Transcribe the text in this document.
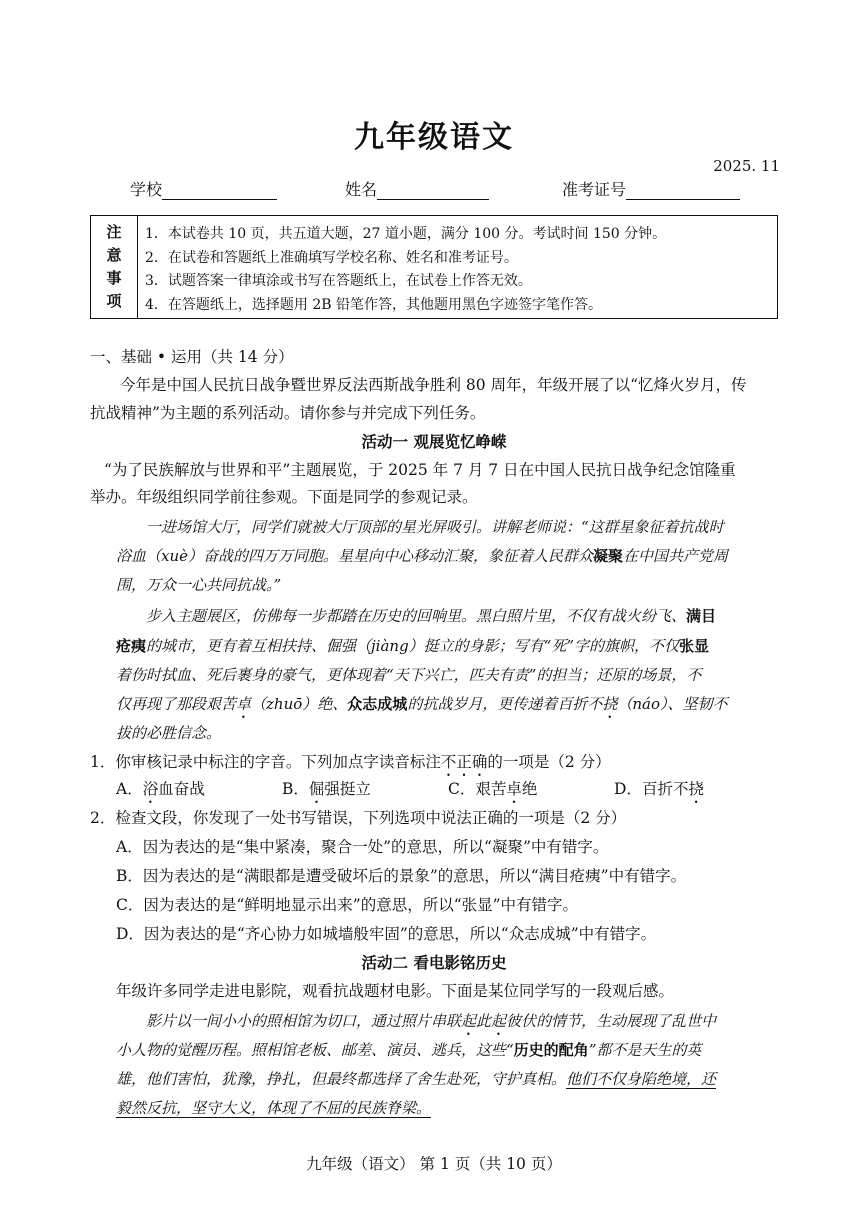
九年级语文
2025. 11
学校	姓名	准考证号
注
意
事
项
1．本试卷共 10 页，共五道大题，27 道小题，满分 100 分。考试时间 150 分钟。
2．在试卷和答题纸上准确填写学校名称、姓名和准考证号。
3．试题答案一律填涂或书写在答题纸上，在试卷上作答无效。
4．在答题纸上，选择题用 2B 铅笔作答，其他题用黑色字迹签字笔作答。
一、基础 • 运用（共 14 分）
今年是中国人民抗日战争暨世界反法西斯战争胜利 80 周年，年级开展了以“忆烽火岁月，传
抗战精神”为主题的系列活动。请你参与并完成下列任务。
活动一 观展览忆峥嵘
“为了民族解放与世界和平”主题展览，于 2025 年 7 月 7 日在中国人民抗日战争纪念馆隆重
举办。年级组织同学前往参观。下面是同学的参观记录。
一进场馆大厅，同学们就被大厅顶部的星光屏吸引。讲解老师说：“这群星象征着抗战时
浴血（xuè）奋战的四万万同胞。星星向中心移动汇聚，象征着人民群众凝聚在中国共产党周
围，万众一心共同抗战。”
步入主题展区，仿佛每一步都踏在历史的回响里。黑白照片里，不仅有战火纷飞、满目
疮痍的城市，更有着互相扶持、倔强（jiàng）挺立的身影；写有“死”字的旗帜，不仅张显
着伤时拭血、死后裹身的豪气，更体现着“天下兴亡，匹夫有责”的担当；还原的场景，不
仅再现了那段艰苦卓（zhuō）绝、众志成城的抗战岁月，更传递着百折不挠（náo）、坚韧不
拔的必胜信念。
1．你审核记录中标注的字音。下列加点字读音标注不正确的一项是（2 分）
A．浴血奋战	B．倔强挺立	C．艰苦卓绝	D．百折不挠
2．检查文段，你发现了一处书写错误，下列选项中说法正确的一项是（2 分）
A．因为表达的是“集中紧凑，聚合一处”的意思，所以“凝聚”中有错字。
B．因为表达的是“满眼都是遭受破坏后的景象”的意思，所以“满目疮痍”中有错字。
C．因为表达的是“鲜明地显示出来”的意思，所以“张显”中有错字。
D．因为表达的是“齐心协力如城墙般牢固”的意思，所以“众志成城”中有错字。
活动二 看电影铭历史
年级许多同学走进电影院，观看抗战题材电影。下面是某位同学写的一段观后感。
影片以一间小小的照相馆为切口，通过照片串联起此起彼伏的情节，生动展现了乱世中
小人物的觉醒历程。照相馆老板、邮差、演员、逃兵，这些“历史的配角”都不是天生的英
雄，他们害怕，犹豫，挣扎，但最终都选择了舍生赴死，守护真相。他们不仅身陷绝境，还
毅然反抗，坚守大义，体现了不屈的民族脊梁。
九年级（语文） 第 1 页（共 10 页）
